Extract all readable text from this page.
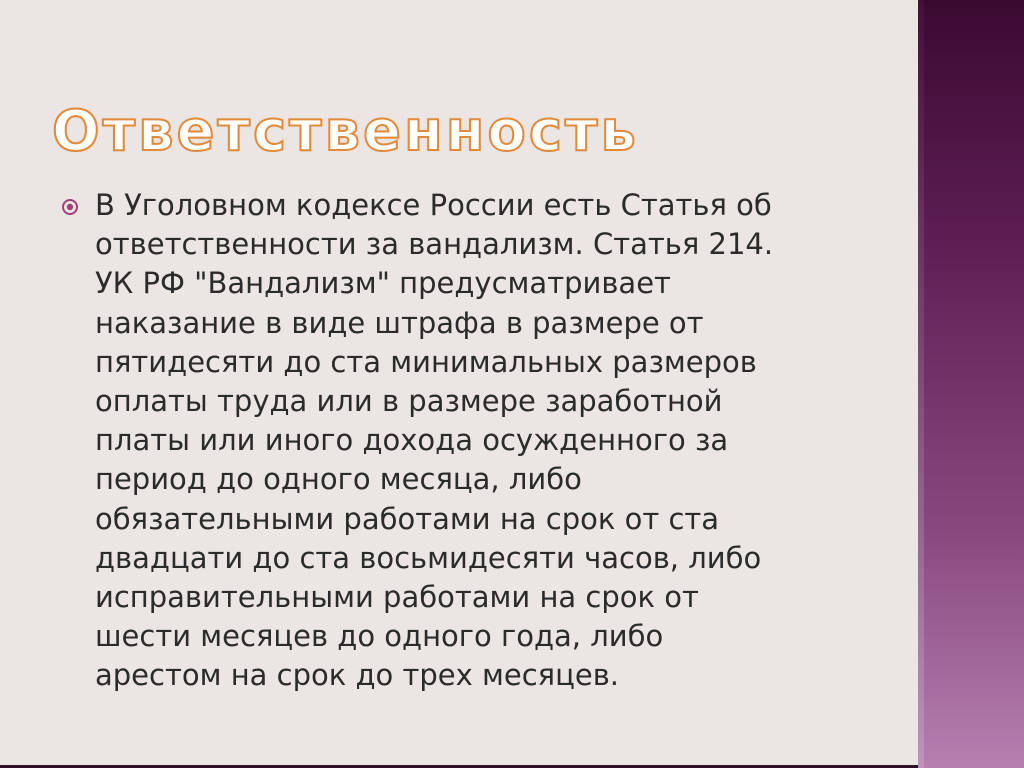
Ответственность

В Уголовном кодексе России есть Статья об
ответственности за вандализм. Статья 214.
УК РФ "Вандализм" предусматривает
наказание в виде штрафа в размере от
пятидесяти до ста минимальных размеров
оплаты труда или в размере заработной
платы или иного дохода осужденного за
период до одного месяца, либо
обязательными работами на срок от ста
двадцати до ста восьмидесяти часов, либо
исправительными работами на срок от
шести месяцев до одного года, либо
арестом на срок до трех месяцев.
